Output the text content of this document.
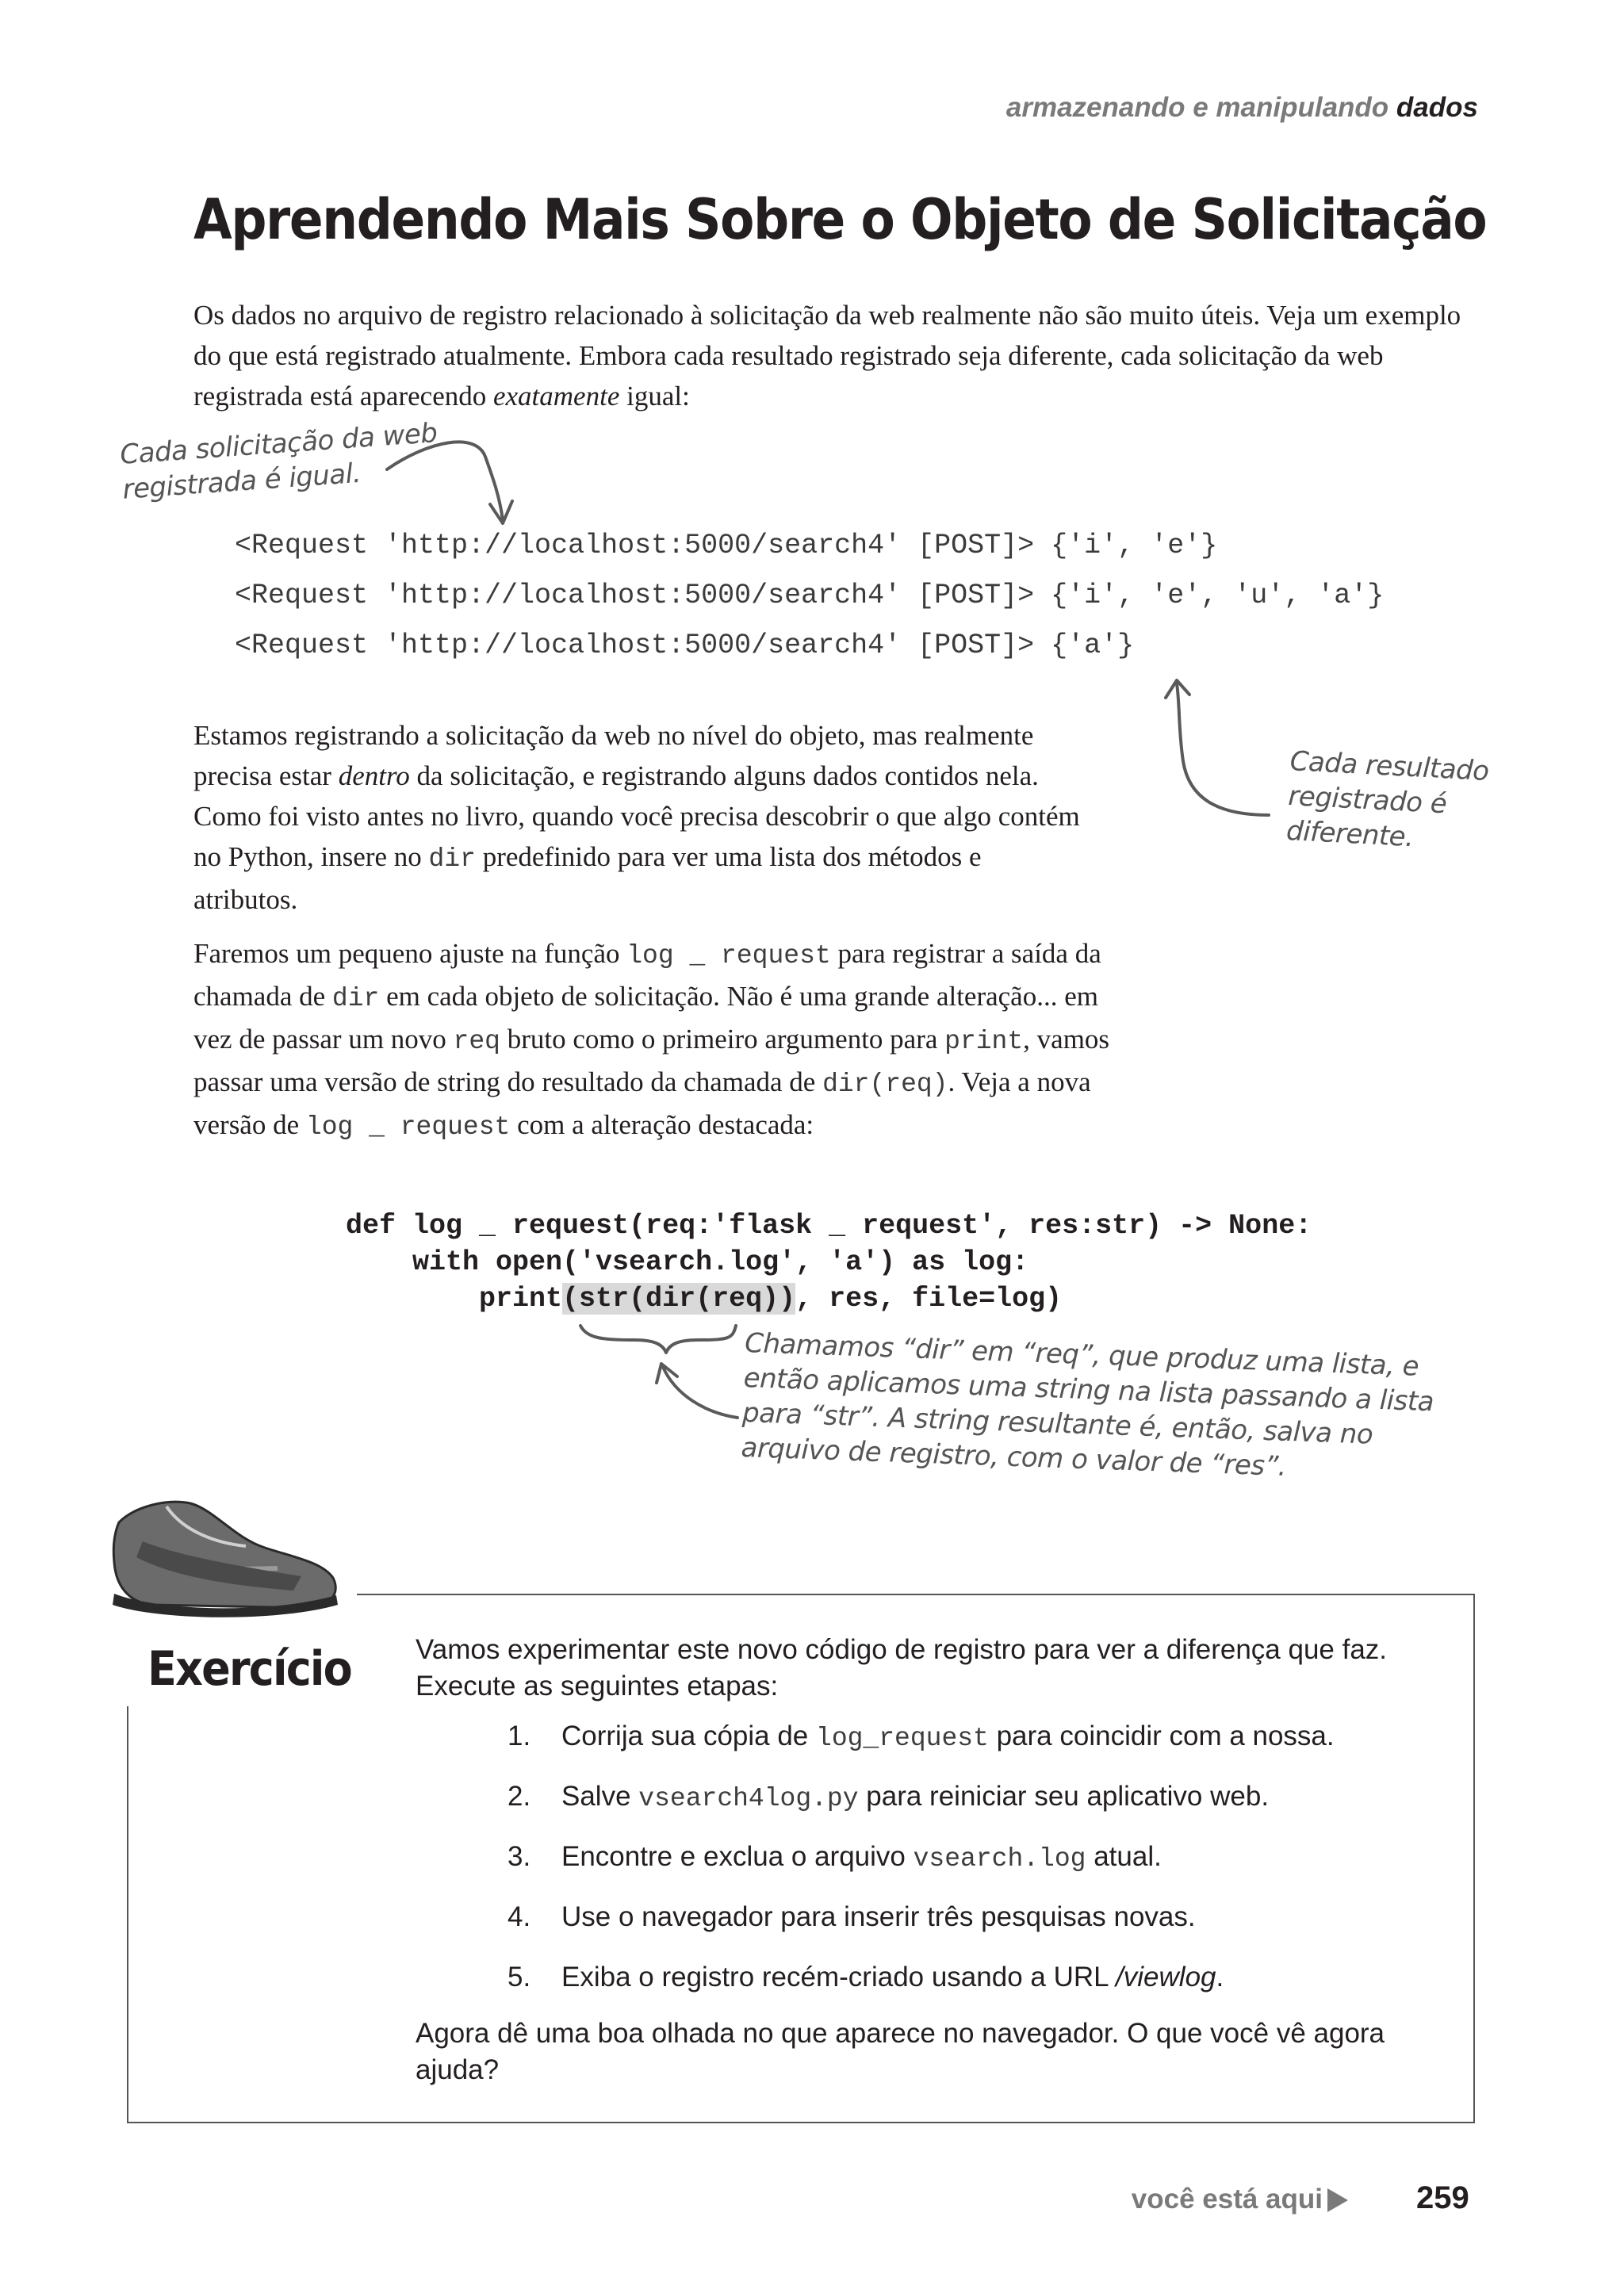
armazenando e manipulando dados
Aprendendo Mais Sobre o Objeto de Solicitação

Os dados no arquivo de registro relacionado à solicitação da web realmente não são muito úteis. Veja um exemplo do que está registrado atualmente. Embora cada resultado registrado seja diferente, cada solicitação da web registrada está aparecendo exatamente igual:

Cada solicitação da web registrada é igual.
Cada resultado registrado é diferente.
<Request 'http://localhost:5000/search4' [POST]> {'i', 'e'}
<Request 'http://localhost:5000/search4' [POST]> {'i', 'e', 'u', 'a'}
<Request 'http://localhost:5000/search4' [POST]> {'a'}

Estamos registrando a solicitação da web no nível do objeto, mas realmente precisa estar dentro da solicitação, e registrando alguns dados contidos nela. Como foi visto antes no livro, quando você precisa descobrir o que algo contém no Python, insere no dir predefinido para ver uma lista dos métodos e atributos.

Faremos um pequeno ajuste na função log _ request para registrar a saída da chamada de dir em cada objeto de solicitação. Não é uma grande alteração... em vez de passar um novo req bruto como o primeiro argumento para print, vamos passar uma versão de string do resultado da chamada de dir(req). Veja a nova versão de log _ request com a alteração destacada:

def log _ request(req:'flask _ request', res:str) -> None:
with open('vsearch.log', 'a') as log:
print(str(dir(req)), res, file=log)
Chamamos “dir” em “req”, que produz uma lista, e então aplicamos uma string na lista passando a lista para “str”. A string resultante é, então, salva no arquivo de registro, com o valor de “res”.
Exercício Vamos experimentar este novo código de registro para ver a diferença que faz. Execute as seguintes etapas:

1. Corrija sua cópia de log_request para coincidir com a nossa.
2. Salve vsearch4log.py para reiniciar seu aplicativo web.
3. Encontre e exclua o arquivo vsearch.log atual.
4. Use o navegador para inserir três pesquisas novas.
5. Exiba o registro recém-criado usando a URL /viewlog.

Agora dê uma boa olhada no que aparece no navegador. O que você vê agora ajuda?

você está aqui	259
